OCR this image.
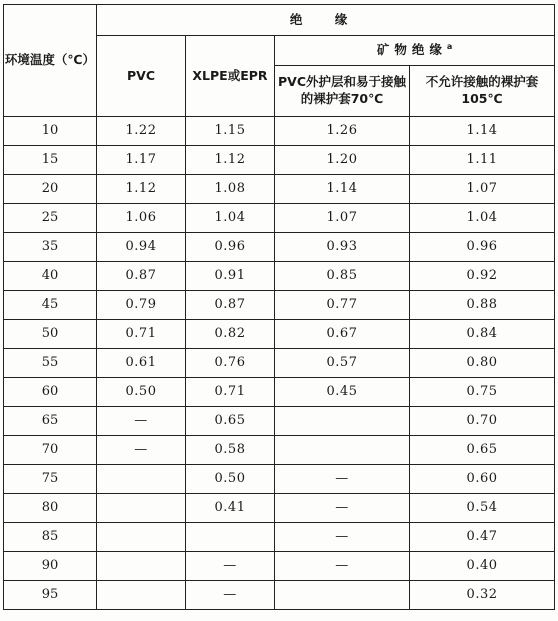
环境温度（℃）	绝 缘			
	PVC	XLPE或EPR	矿物绝缘$^a$
			PVC外护层和易于接触的裸护套70℃	不允许接触的裸护套105℃
10	1.22	1.15	1.26	1.14
15	1.17	1.12	1.20	1.11
20	1.12	1.08	1.14	1.07
25	1.06	1.04	1.07	1.04
35	0.94	0.96	0.93	0.96
40	0.87	0.91	0.85	0.92
45	0.79	0.87	0.77	0.88
50	0.71	0.82	0.67	0.84
55	0.61	0.76	0.57	0.80
60	0.50	0.71	0.45	0.75
65	—	0.65		0.70
70	—	0.58		0.65
75		0.50	—	0.60
80		0.41	—	0.54
85			—	0.47
90		—	—	0.40
95		—		0.32
